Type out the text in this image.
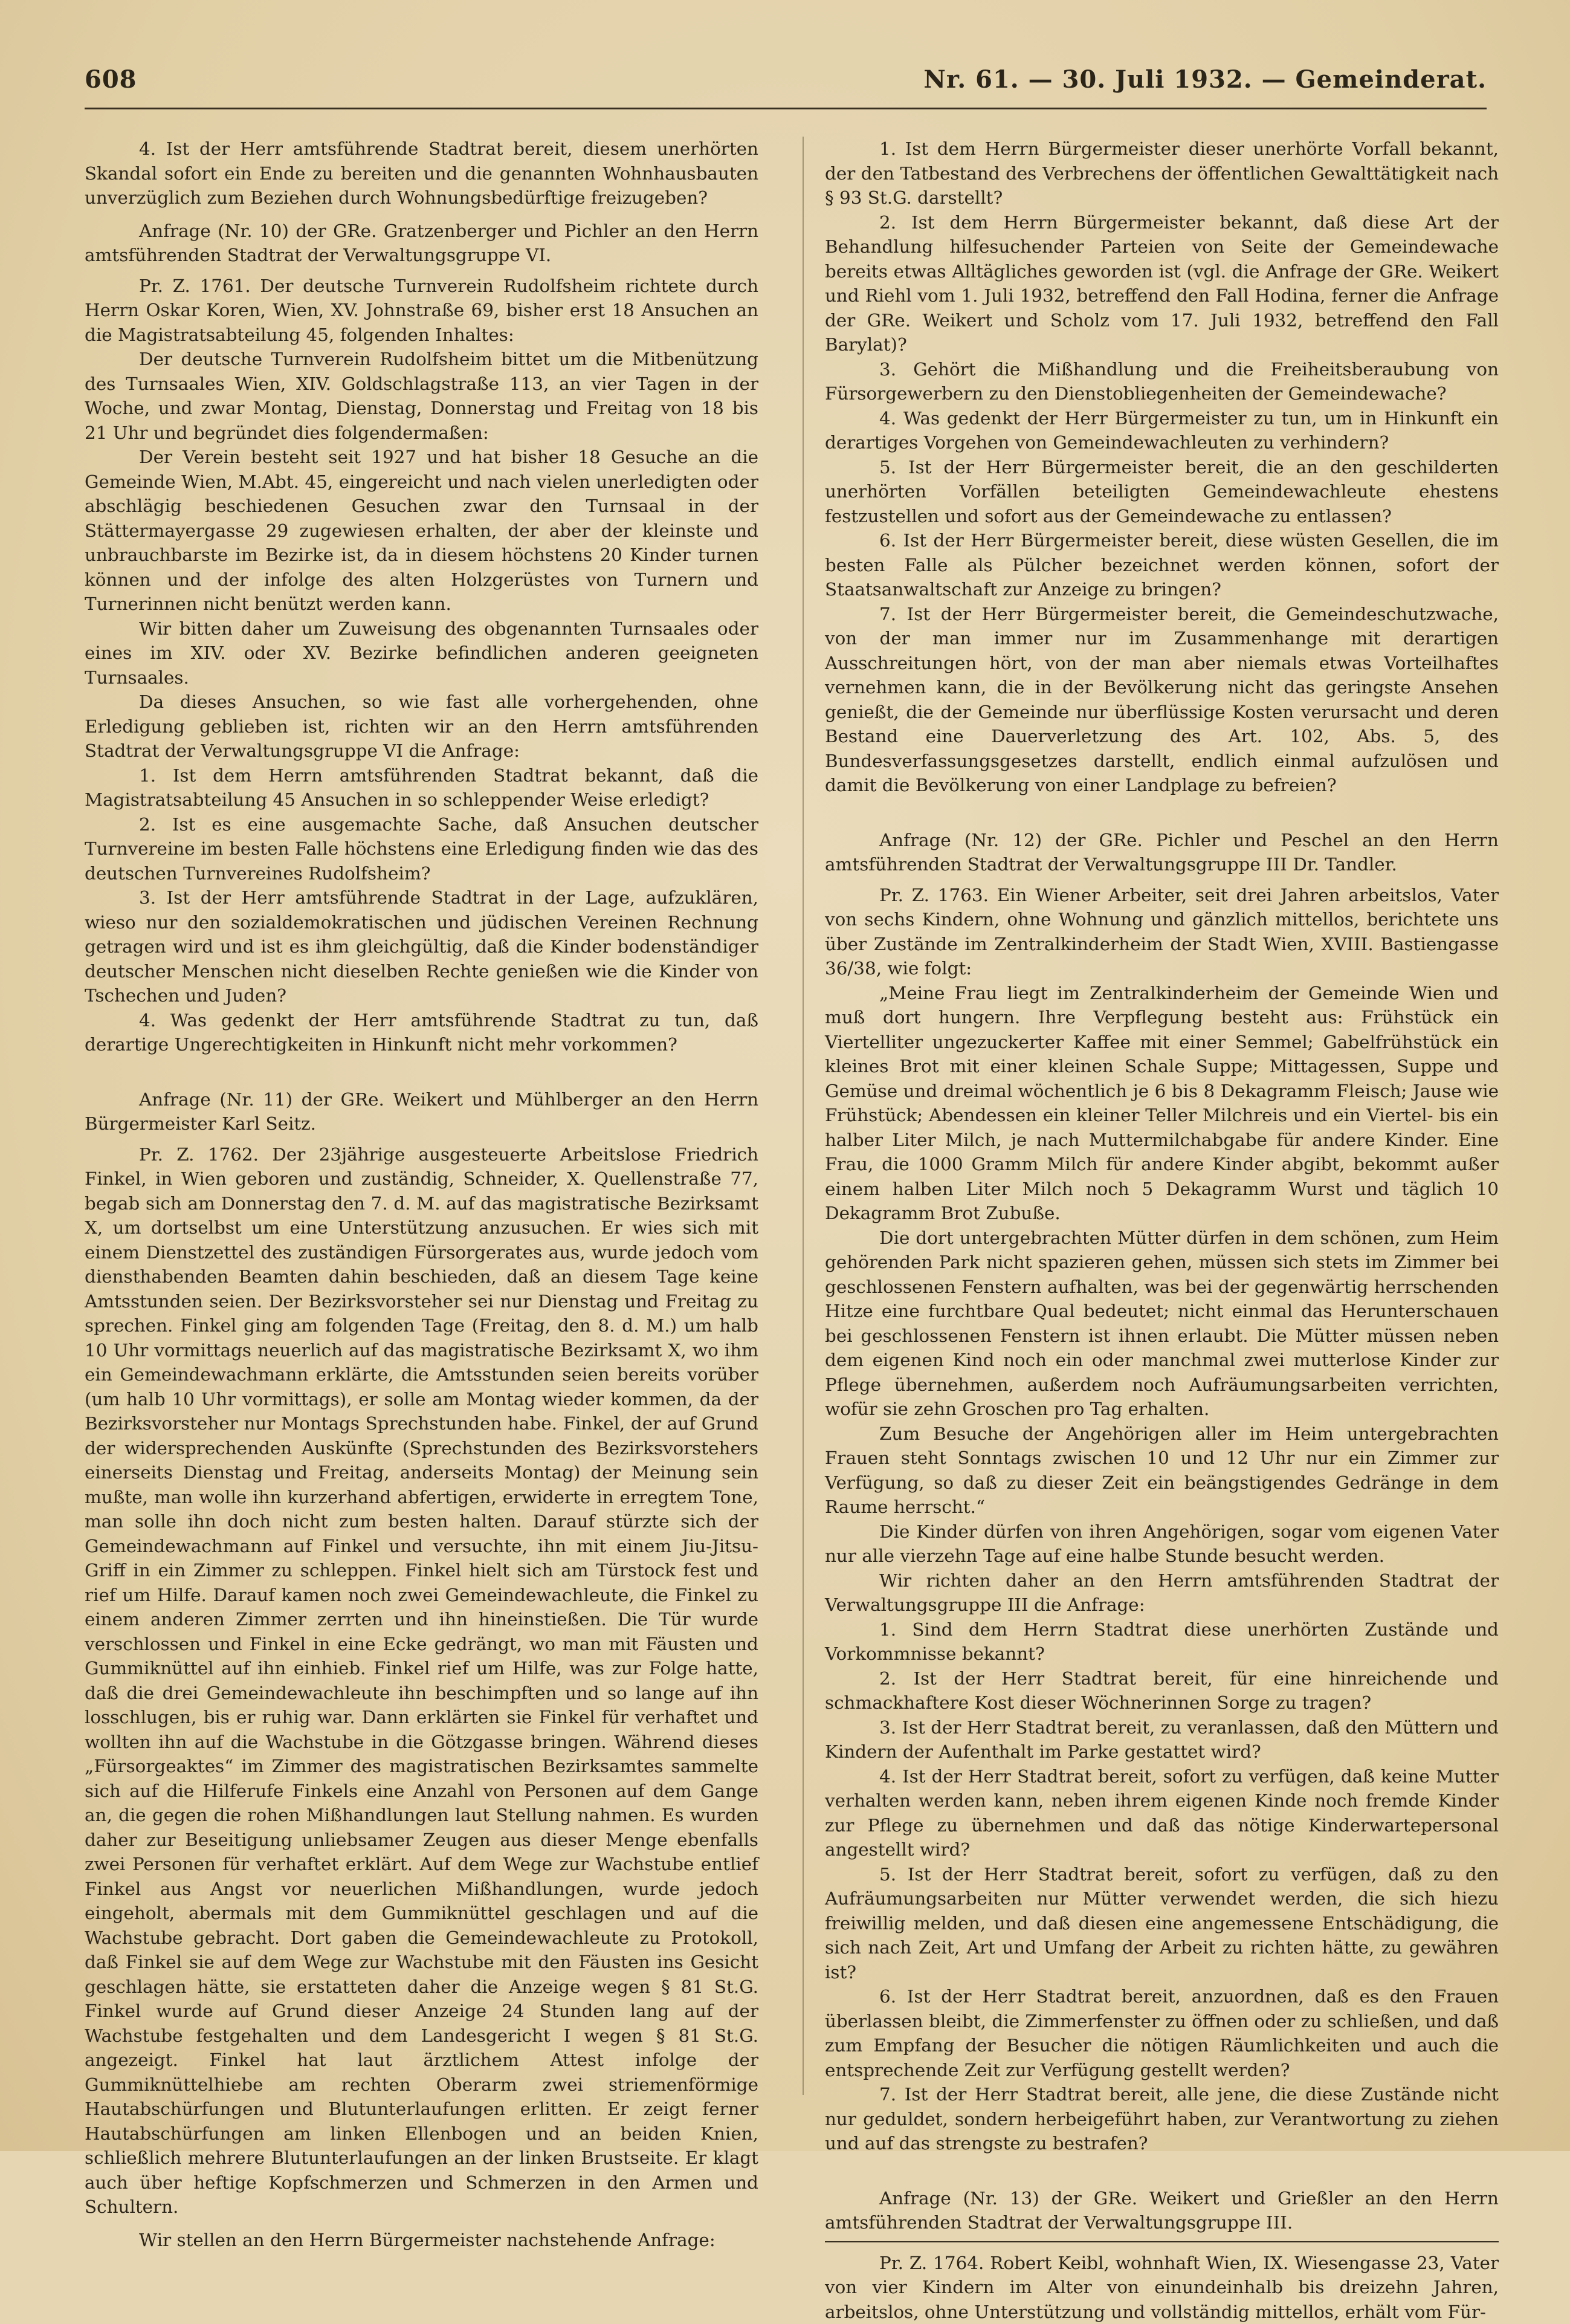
608	Nr. 61. — 30. Juli 1932. — Gemeinderat.

4. Ist der Herr amtsführende Stadtrat bereit, diesem unerhörten Skandal sofort ein Ende zu bereiten und die genannten Wohnhausbauten unverzüglich zum Beziehen durch Wohnungsbedürftige freizugeben?

Anfrage (Nr. 10) der GRe. Gratzenberger und Pichler an den Herrn amtsführenden Stadtrat der Verwaltungsgruppe VI.

Pr. Z. 1761. Der deutsche Turnverein Rudolfsheim richtete durch Herrn Oskar Koren, Wien, XV. Johnstraße 69, bisher erst 18 Ansuchen an die Magistratsabteilung 45, folgenden Inhaltes:

Der deutsche Turnverein Rudolfsheim bittet um die Mitbenützung des Turnsaales Wien, XIV. Goldschlagstraße 113, an vier Tagen in der Woche, und zwar Montag, Dienstag, Donnerstag und Freitag von 18 bis 21 Uhr und begründet dies folgendermaßen:

Der Verein besteht seit 1927 und hat bisher 18 Gesuche an die Gemeinde Wien, M.Abt. 45, eingereicht und nach vielen unerledigten oder abschlägig beschiedenen Gesuchen zwar den Turnsaal in der Stättermayergasse 29 zugewiesen erhalten, der aber der kleinste und unbrauchbarste im Bezirke ist, da in diesem höchstens 20 Kinder turnen können und der infolge des alten Holzgerüstes von Turnern und Turnerinnen nicht benützt werden kann.

Wir bitten daher um Zuweisung des obgenannten Turnsaales oder eines im XIV. oder XV. Bezirke befindlichen anderen geeigneten Turnsaales.

Da dieses Ansuchen, so wie fast alle vorhergehenden, ohne Erledigung geblieben ist, richten wir an den Herrn amtsführenden Stadtrat der Verwaltungsgruppe VI die Anfrage:

1. Ist dem Herrn amtsführenden Stadtrat bekannt, daß die Magistratsabteilung 45 Ansuchen in so schleppender Weise erledigt?

2. Ist es eine ausgemachte Sache, daß Ansuchen deutscher Turnvereine im besten Falle höchstens eine Erledigung finden wie das des deutschen Turnvereines Rudolfsheim?

3. Ist der Herr amtsführende Stadtrat in der Lage, aufzuklären, wieso nur den sozialdemokratischen und jüdischen Vereinen Rechnung getragen wird und ist es ihm gleichgültig, daß die Kinder bodenständiger deutscher Menschen nicht dieselben Rechte genießen wie die Kinder von Tschechen und Juden?

4. Was gedenkt der Herr amtsführende Stadtrat zu tun, daß derartige Ungerechtigkeiten in Hinkunft nicht mehr vorkommen?

Anfrage (Nr. 11) der GRe. Weikert und Mühlberger an den Herrn Bürgermeister Karl Seitz.

Pr. Z. 1762. Der 23jährige ausgesteuerte Arbeitslose Friedrich Finkel, in Wien geboren und zuständig, Schneider, X. Quellenstraße 77, begab sich am Donnerstag den 7. d. M. auf das magistratische Bezirksamt X, um dortselbst um eine Unterstützung anzusuchen. Er wies sich mit einem Dienstzettel des zuständigen Fürsorgerates aus, wurde jedoch vom diensthabenden Beamten dahin beschieden, daß an diesem Tage keine Amtsstunden seien. Der Bezirksvorsteher sei nur Dienstag und Freitag zu sprechen. Finkel ging am folgenden Tage (Freitag, den 8. d. M.) um halb 10 Uhr vormittags neuerlich auf das magistratische Bezirksamt X, wo ihm ein Gemeindewachmann erklärte, die Amtsstunden seien bereits vorüber (um halb 10 Uhr vormittags), er solle am Montag wieder kommen, da der Bezirksvorsteher nur Montags Sprechstunden habe. Finkel, der auf Grund der widersprechenden Auskünfte (Sprechstunden des Bezirksvorstehers einerseits Dienstag und Freitag, anderseits Montag) der Meinung sein mußte, man wolle ihn kurzerhand abfertigen, erwiderte in erregtem Tone, man solle ihn doch nicht zum besten halten. Darauf stürzte sich der Gemeindewachmann auf Finkel und versuchte, ihn mit einem Jiu-Jitsu-Griff in ein Zimmer zu schleppen. Finkel hielt sich am Türstock fest und rief um Hilfe. Darauf kamen noch zwei Gemeindewachleute, die Finkel zu einem anderen Zimmer zerrten und ihn hineinstießen. Die Tür wurde verschlossen und Finkel in eine Ecke gedrängt, wo man mit Fäusten und Gummiknüttel auf ihn einhieb. Finkel rief um Hilfe, was zur Folge hatte, daß die drei Gemeindewachleute ihn beschimpften und so lange auf ihn losschlugen, bis er ruhig war. Dann erklärten sie Finkel für verhaftet und wollten ihn auf die Wachstube in die Götzgasse bringen. Während dieses „Fürsorgeaktes“ im Zimmer des magistratischen Bezirksamtes sammelte sich auf die Hilferufe Finkels eine Anzahl von Personen auf dem Gange an, die gegen die rohen Mißhandlungen laut Stellung nahmen. Es wurden daher zur Beseitigung unliebsamer Zeugen aus dieser Menge ebenfalls zwei Personen für verhaftet erklärt. Auf dem Wege zur Wachstube entlief Finkel aus Angst vor neuerlichen Mißhandlungen, wurde jedoch eingeholt, abermals mit dem Gummiknüttel geschlagen und auf die Wachstube gebracht. Dort gaben die Gemeindewachleute zu Protokoll, daß Finkel sie auf dem Wege zur Wachstube mit den Fäusten ins Gesicht geschlagen hätte, sie erstatteten daher die Anzeige wegen § 81 St.G. Finkel wurde auf Grund dieser Anzeige 24 Stunden lang auf der Wachstube festgehalten und dem Landesgericht I wegen § 81 St.G. angezeigt. Finkel hat laut ärztlichem Attest infolge der Gummiknüttelhiebe am rechten Oberarm zwei striemenförmige Hautabschürfungen und Blutunterlaufungen erlitten. Er zeigt ferner Hautabschürfungen am linken Ellenbogen und an beiden Knien, schließlich mehrere Blutunterlaufungen an der linken Brustseite. Er klagt auch über heftige Kopfschmerzen und Schmerzen in den Armen und Schultern.

Wir stellen an den Herrn Bürgermeister nachstehende Anfrage:

1. Ist dem Herrn Bürgermeister dieser unerhörte Vorfall bekannt, der den Tatbestand des Verbrechens der öffentlichen Gewalttätigkeit nach § 93 St.G. darstellt?

2. Ist dem Herrn Bürgermeister bekannt, daß diese Art der Behandlung hilfesuchender Parteien von Seite der Gemeindewache bereits etwas Alltägliches geworden ist (vgl. die Anfrage der GRe. Weikert und Riehl vom 1. Juli 1932, betreffend den Fall Hodina, ferner die Anfrage der GRe. Weikert und Scholz vom 17. Juli 1932, betreffend den Fall Barylat)?

3. Gehört die Mißhandlung und die Freiheitsberaubung von Fürsorgewerbern zu den Dienstobliegenheiten der Gemeindewache?

4. Was gedenkt der Herr Bürgermeister zu tun, um in Hinkunft ein derartiges Vorgehen von Gemeindewachleuten zu verhindern?

5. Ist der Herr Bürgermeister bereit, die an den geschilderten unerhörten Vorfällen beteiligten Gemeindewachleute ehestens festzustellen und sofort aus der Gemeindewache zu entlassen?

6. Ist der Herr Bürgermeister bereit, diese wüsten Gesellen, die im besten Falle als Pülcher bezeichnet werden können, sofort der Staatsanwaltschaft zur Anzeige zu bringen?

7. Ist der Herr Bürgermeister bereit, die Gemeindeschutzwache, von der man immer nur im Zusammenhange mit derartigen Ausschreitungen hört, von der man aber niemals etwas Vorteilhaftes vernehmen kann, die in der Bevölkerung nicht das geringste Ansehen genießt, die der Gemeinde nur überflüssige Kosten verursacht und deren Bestand eine Dauerverletzung des Art. 102, Abs. 5, des Bundesverfassungsgesetzes darstellt, endlich einmal aufzulösen und damit die Bevölkerung von einer Landplage zu befreien?

Anfrage (Nr. 12) der GRe. Pichler und Peschel an den Herrn amtsführenden Stadtrat der Verwaltungsgruppe III Dr. Tandler.

Pr. Z. 1763. Ein Wiener Arbeiter, seit drei Jahren arbeitslos, Vater von sechs Kindern, ohne Wohnung und gänzlich mittellos, berichtete uns über Zustände im Zentralkinderheim der Stadt Wien, XVIII. Bastiengasse 36/38, wie folgt:

„Meine Frau liegt im Zentralkinderheim der Gemeinde Wien und muß dort hungern. Ihre Verpflegung besteht aus: Frühstück ein Viertelliter ungezuckerter Kaffee mit einer Semmel; Gabelfrühstück ein kleines Brot mit einer kleinen Schale Suppe; Mittagessen, Suppe und Gemüse und dreimal wöchentlich je 6 bis 8 Dekagramm Fleisch; Jause wie Frühstück; Abendessen ein kleiner Teller Milchreis und ein Viertel- bis ein halber Liter Milch, je nach Muttermilchabgabe für andere Kinder. Eine Frau, die 1000 Gramm Milch für andere Kinder abgibt, bekommt außer einem halben Liter Milch noch 5 Dekagramm Wurst und täglich 10 Dekagramm Brot Zubuße.

Die dort untergebrachten Mütter dürfen in dem schönen, zum Heim gehörenden Park nicht spazieren gehen, müssen sich stets im Zimmer bei geschlossenen Fenstern aufhalten, was bei der gegenwärtig herrschenden Hitze eine furchtbare Qual bedeutet; nicht einmal das Herunterschauen bei geschlossenen Fenstern ist ihnen erlaubt. Die Mütter müssen neben dem eigenen Kind noch ein oder manchmal zwei mutterlose Kinder zur Pflege übernehmen, außerdem noch Aufräumungsarbeiten verrichten, wofür sie zehn Groschen pro Tag erhalten.

Zum Besuche der Angehörigen aller im Heim untergebrachten Frauen steht Sonntags zwischen 10 und 12 Uhr nur ein Zimmer zur Verfügung, so daß zu dieser Zeit ein beängstigendes Gedränge in dem Raume herrscht.“

Die Kinder dürfen von ihren Angehörigen, sogar vom eigenen Vater nur alle vierzehn Tage auf eine halbe Stunde besucht werden.

Wir richten daher an den Herrn amtsführenden Stadtrat der Verwaltungsgruppe III die Anfrage:

1. Sind dem Herrn Stadtrat diese unerhörten Zustände und Vorkommnisse bekannt?

2. Ist der Herr Stadtrat bereit, für eine hinreichende und schmackhaftere Kost dieser Wöchnerinnen Sorge zu tragen?

3. Ist der Herr Stadtrat bereit, zu veranlassen, daß den Müttern und Kindern der Aufenthalt im Parke gestattet wird?

4. Ist der Herr Stadtrat bereit, sofort zu verfügen, daß keine Mutter verhalten werden kann, neben ihrem eigenen Kinde noch fremde Kinder zur Pflege zu übernehmen und daß das nötige Kinderwartepersonal angestellt wird?

5. Ist der Herr Stadtrat bereit, sofort zu verfügen, daß zu den Aufräumungsarbeiten nur Mütter verwendet werden, die sich hiezu freiwillig melden, und daß diesen eine angemessene Entschädigung, die sich nach Zeit, Art und Umfang der Arbeit zu richten hätte, zu gewähren ist?

6. Ist der Herr Stadtrat bereit, anzuordnen, daß es den Frauen überlassen bleibt, die Zimmerfenster zu öffnen oder zu schließen, und daß zum Empfang der Besucher die nötigen Räumlichkeiten und auch die entsprechende Zeit zur Verfügung gestellt werden?

7. Ist der Herr Stadtrat bereit, alle jene, die diese Zustände nicht nur geduldet, sondern herbeigeführt haben, zur Verantwortung zu ziehen und auf das strengste zu bestrafen?

Anfrage (Nr. 13) der GRe. Weikert und Grießler an den Herrn amtsführenden Stadtrat der Verwaltungsgruppe III.

Pr. Z. 1764. Robert Keibl, wohnhaft Wien, IX. Wiesengasse 23, Vater von vier Kindern im Alter von einundeinhalb bis dreizehn Jahren, arbeitslos, ohne Unterstützung und vollständig mittellos, erhält vom Für-
